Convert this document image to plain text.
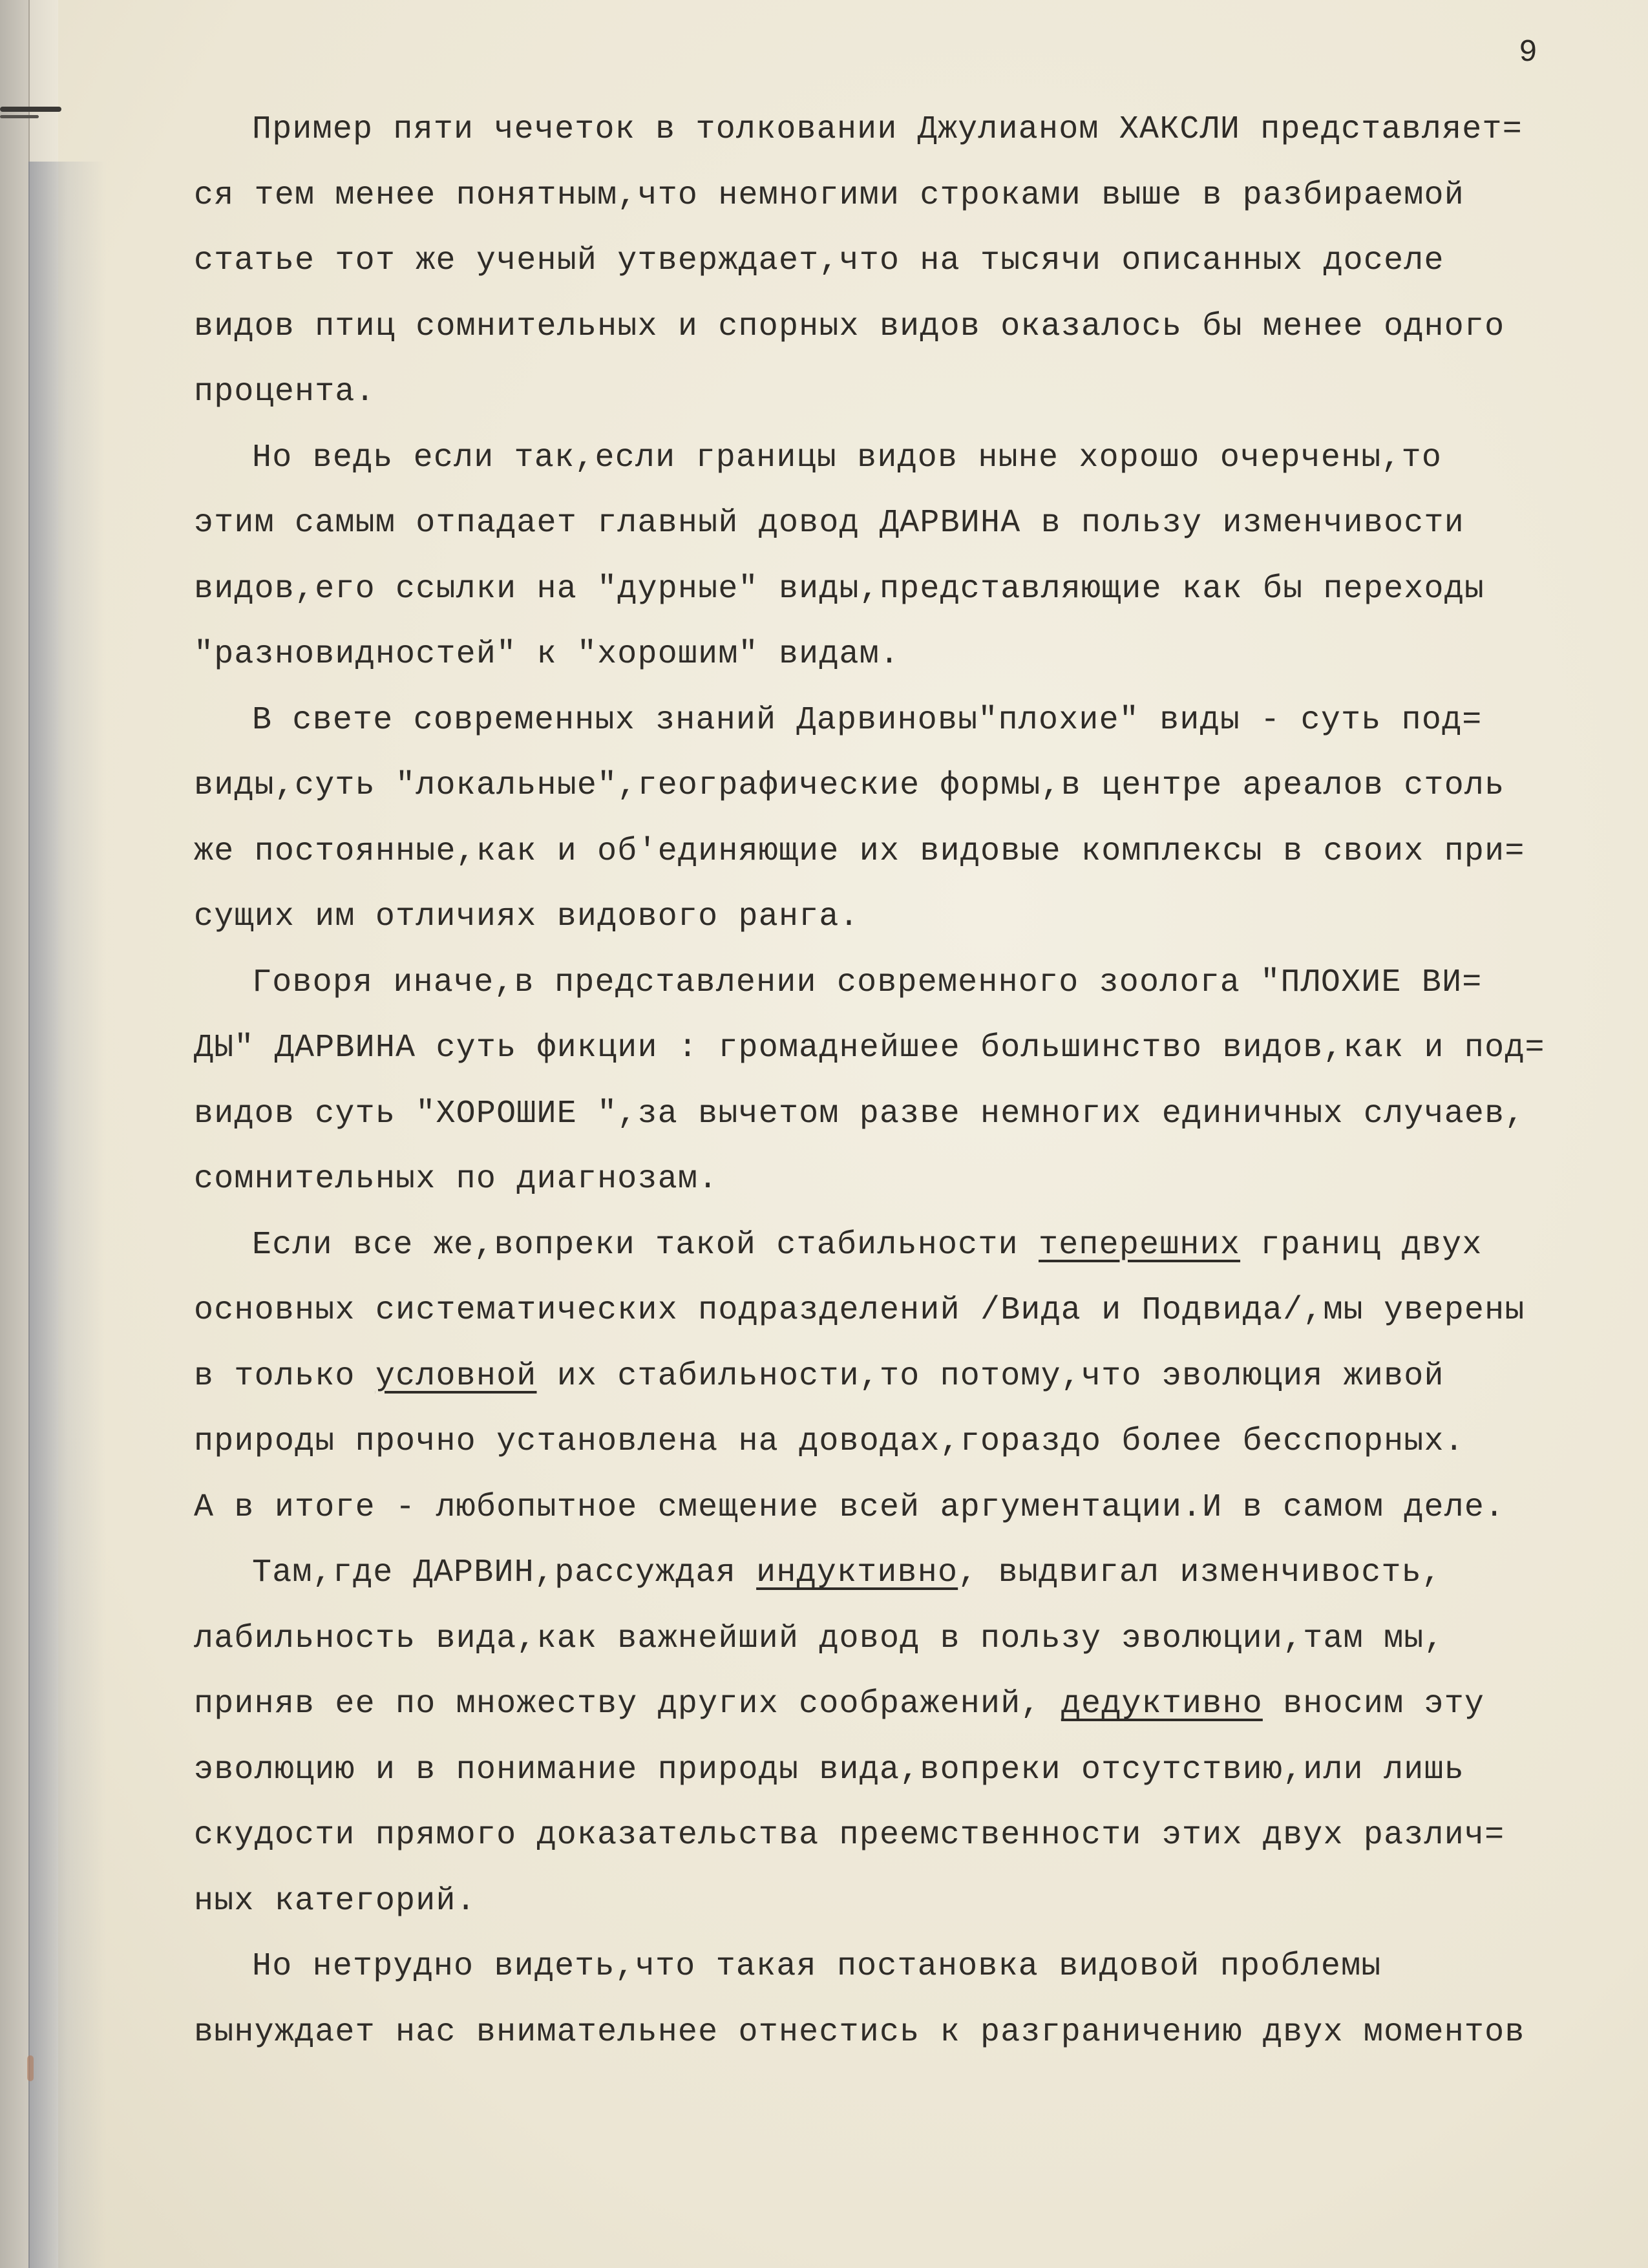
9
Пример пяти чечеток в толковании Джулианом ХАКСЛИ представляет=
ся тем менее понятным,что немногими строками выше в разбираемой
статье тот же ученый утверждает,что на тысячи описанных доселе
видов птиц сомнительных и спорных видов оказалось бы менее одного
процента.
Но ведь если так,если границы видов ныне хорошо очерчены,то
этим самым отпадает главный довод ДАРВИНА в пользу изменчивости
видов,его ссылки на "дурные" виды,представляющие как бы переходы
"разновидностей" к "хорошим" видам.
В свете современных знаний Дарвиновы"плохие" виды - суть под=
виды,суть "локальные",географические формы,в центре ареалов столь
же постоянные,как и об'единяющие их видовые комплексы в своих при=
сущих им отличиях видового ранга.
Говоря иначе,в представлении современного зоолога "ПЛОХИЕ ВИ=
ДЫ" ДАРВИНА суть фикции : громаднейшее большинство видов,как и под=
видов суть "ХОРОШИЕ ",за вычетом разве немногих единичных случаев,
сомнительных по диагнозам.
Если все же,вопреки такой стабильности теперешних границ двух
основных систематических подразделений /Вида и Подвида/,мы уверены
в только условной их стабильности,то потому,что эволюция живой
природы прочно установлена на доводах,гораздо более бесспорных.
А в итоге - любопытное смещение всей аргументации.И в самом деле.
Там,где ДАРВИН,рассуждая индуктивно, выдвигал изменчивость,
лабильность вида,как важнейший довод в пользу эволюции,там мы,
приняв ее по множеству других соображений, дедуктивно вносим эту
эволюцию и в понимание природы вида,вопреки отсутствию,или лишь
скудости прямого доказательства преемственности этих двух различ=
ных категорий.
Но нетрудно видеть,что такая постановка видовой проблемы
вынуждает нас внимательнее отнестись к разграничению двух моментов
